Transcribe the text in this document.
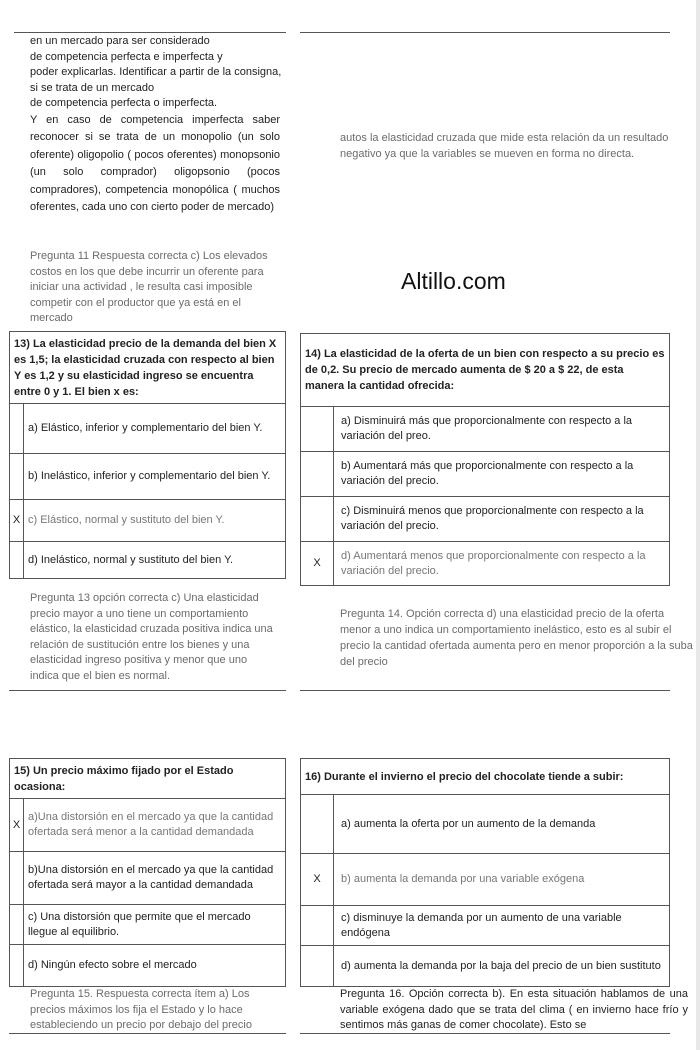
en un mercado para ser considerado
de competencia perfecta e imperfecta y
poder explicarlas. Identificar a partir de la consigna,
si se trata de un mercado
de competencia perfecta o imperfecta.
Y en caso de competencia imperfecta saber reconocer si se trata de un monopolio (un solo oferente) oligopolio ( pocos oferentes) monopsonio (un solo comprador) oligopsonio (pocos compradores), competencia monopólica ( muchos oferentes, cada uno con cierto poder de mercado)
Pregunta 11 Respuesta correcta c) Los elevados costos en los que debe incurrir un oferente para iniciar una actividad , le resulta casi imposible competir con el productor que ya está en el mercado
autos la elasticidad cruzada que mide esta relación da un resultado negativo ya que la variables se mueven en forma no directa.
Altillo.com
13) La elasticidad precio de la demanda del bien X es 1,5; la elasticidad cruzada con respecto al bien Y es 1,2 y su elasticidad ingreso se encuentra entre 0 y 1. El bien x es:
a) Elástico, inferior y complementario del bien Y.
b) Inelástico, inferior y complementario del bien Y.
X c) Elástico, normal y sustituto del bien Y.
d) Inelástico, normal y sustituto del bien Y.
Pregunta 13 opción correcta c) Una elasticidad precio mayor a uno tiene un comportamiento elástico, la elasticidad cruzada positiva indica una relación de sustitución entre los bienes y una elasticidad ingreso positiva y menor que uno indica que el bien es normal.
14) La elasticidad de la oferta de un bien con respecto a su precio es de 0,2. Su precio de mercado aumenta de $ 20 a $ 22, de esta manera la cantidad ofrecida:
a) Disminuirá más que proporcionalmente con respecto a la variación del preo.
b) Aumentará más que proporcionalmente con respecto a la variación del precio.
c) Disminuirá menos que proporcionalmente con respecto a la variación del precio.
X
d) Aumentará menos que proporcionalmente con respecto a la variación del precio.
Pregunta 14. Opción correcta d) una elasticidad precio de la oferta menor a uno indica un comportamiento inelástico, esto es al subir el precio la cantidad ofertada aumenta pero en menor proporción a la suba del precio
15) Un precio máximo fijado por el Estado ocasiona:
X
a)Una distorsión en el mercado ya que la cantidad ofertada será menor a la cantidad demandada
b)Una distorsión en el mercado ya que la cantidad ofertada será mayor a la cantidad demandada
c) Una distorsión que permite que el mercado llegue al equilibrio.
d) Ningún efecto sobre el mercado
Pregunta 15. Respuesta correcta ítem a) Los precios máximos los fija el Estado y lo hace estableciendo un precio por debajo del precio
16) Durante el invierno el precio del chocolate tiende a subir:
a) aumenta la oferta por un aumento de la demanda
X	b) aumenta la demanda por una variable exógena
c) disminuye la demanda por un aumento de una variable endógena
d) aumenta la demanda por la baja del precio de un bien sustituto
Pregunta 16. Opción correcta b). En esta situación hablamos de una variable exógena dado que se trata del clima ( en invierno hace frío y sentimos más ganas de comer chocolate). Esto se
